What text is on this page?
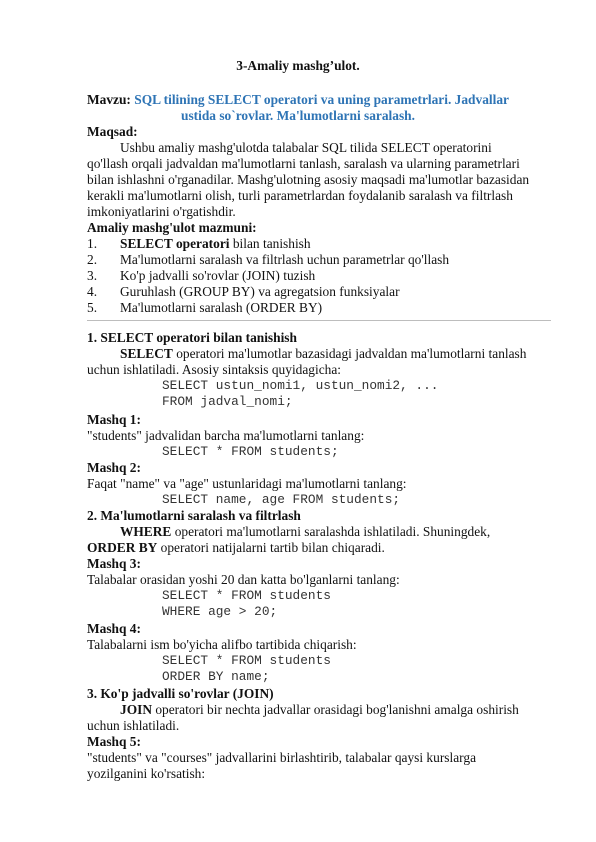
3-Amaliy mashg’ulot.
Mavzu: SQL tilining SELECT operatori va uning parametrlari. Jadvallar
ustida so`rovlar. Ma'lumotlarni saralash.
Maqsad:
Ushbu amaliy mashg'ulotda talabalar SQL tilida SELECT operatorini
qo'llash orqali jadvaldan ma'lumotlarni tanlash, saralash va ularning parametrlari
bilan ishlashni o'rganadilar. Mashg'ulotning asosiy maqsadi ma'lumotlar bazasidan
kerakli ma'lumotlarni olish, turli parametrlardan foydalanib saralash va filtrlash
imkoniyatlarini o'rgatishdir.
Amaliy mashg'ulot mazmuni:
1. SELECT operatori bilan tanishish
2. Ma'lumotlarni saralash va filtrlash uchun parametrlar qo'llash
3. Ko'p jadvalli so'rovlar (JOIN) tuzish
4. Guruhlash (GROUP BY) va agregatsion funksiyalar
5. Ma'lumotlarni saralash (ORDER BY)
1. SELECT operatori bilan tanishish
SELECT operatori ma'lumotlar bazasidagi jadvaldan ma'lumotlarni tanlash
uchun ishlatiladi. Asosiy sintaksis quyidagicha:
SELECT ustun_nomi1, ustun_nomi2, ...
FROM jadval_nomi;
Mashq 1:
"students" jadvalidan barcha ma'lumotlarni tanlang:
SELECT * FROM students;
Mashq 2:
Faqat "name" va "age" ustunlaridagi ma'lumotlarni tanlang:
SELECT name, age FROM students;
2. Ma'lumotlarni saralash va filtrlash
WHERE operatori ma'lumotlarni saralashda ishlatiladi. Shuningdek,
ORDER BY operatori natijalarni tartib bilan chiqaradi.
Mashq 3:
Talabalar orasidan yoshi 20 dan katta bo'lganlarni tanlang:
SELECT * FROM students
WHERE age > 20;
Mashq 4:
Talabalarni ism bo'yicha alifbo tartibida chiqarish:
SELECT * FROM students
ORDER BY name;
3. Ko'p jadvalli so'rovlar (JOIN)
JOIN operatori bir nechta jadvallar orasidagi bog'lanishni amalga oshirish
uchun ishlatiladi.
Mashq 5:
"students" va "courses" jadvallarini birlashtirib, talabalar qaysi kurslarga
yozilganini ko'rsatish:
